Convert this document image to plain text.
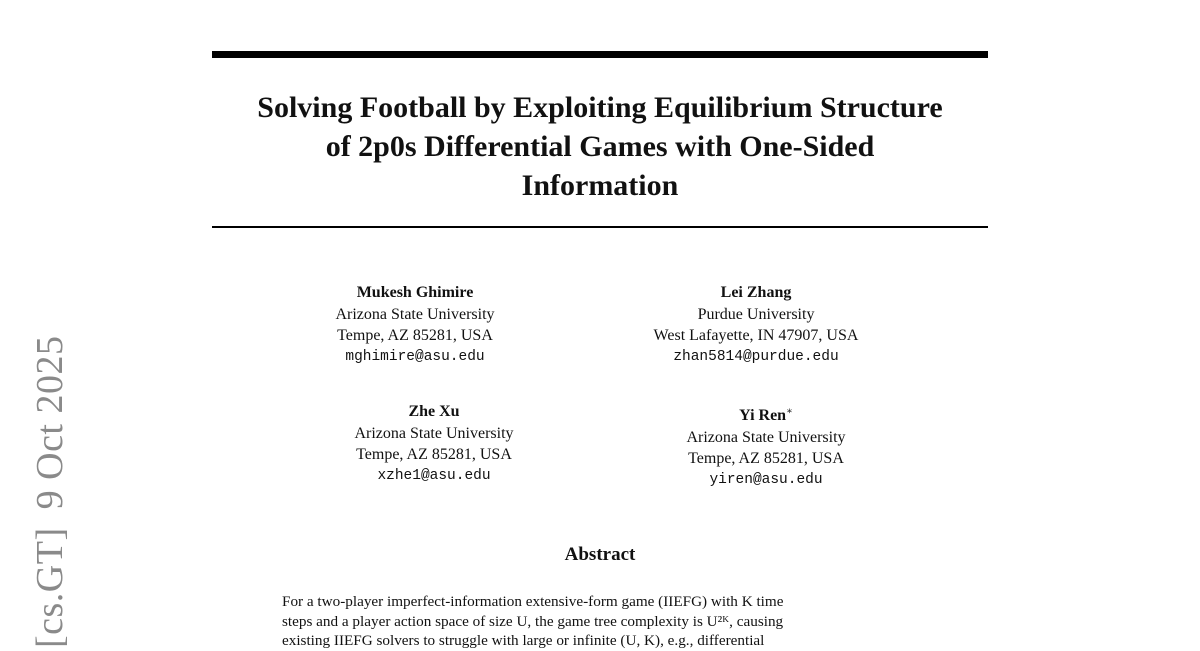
Solving Football by Exploiting Equilibrium Structure
of 2p0s Differential Games with One-Sided
Information
[cs.GT]9 Oct 2025
Mukesh Ghimire
Arizona State University
Tempe, AZ 85281, USA
mghimire@asu.edu
Lei Zhang
Purdue University
West Lafayette, IN 47907, USA
zhan5814@purdue.edu
Zhe Xu
Arizona State University
Tempe, AZ 85281, USA
xzhe1@asu.edu
Yi Ren∗
Arizona State University
Tempe, AZ 85281, USA
yiren@asu.edu
Abstract
For a two-player imperfect-information extensive-form game (IIEFG) with K time
steps and a player action space of size U, the game tree complexity is U²ᴷ, causing
existing IIEFG solvers to struggle with large or infinite (U, K), e.g., differential
